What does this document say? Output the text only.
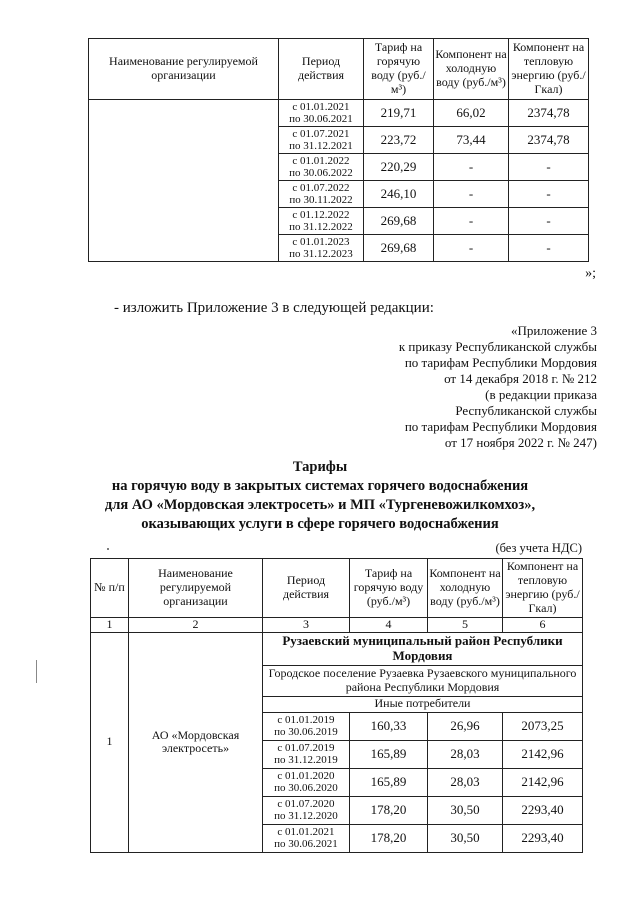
Наименование регулируемой организации	Период действия	Тариф на горячую воду (руб./м³)	Компонент на холодную воду (руб./м³)	Компонент на тепловую энергию (руб./Гкал)
	с 01.01.2021
по 30.06.2021	219,71	66,02	2374,78
	с 01.07.2021
по 31.12.2021	223,72	73,44	2374,78
	с 01.01.2022
по 30.06.2022	220,29	-	-
	с 01.07.2022
по 30.11.2022	246,10	-	-
	с 01.12.2022
по 31.12.2022	269,68	-	-
	с 01.01.2023
по 31.12.2023	269,68	-	-
»;
- изложить Приложение 3 в следующей редакции:
«Приложение 3
к приказу Республиканской службы
по тарифам Республики Мордовия
от 14 декабря 2018 г. № 212
(в редакции приказа
Республиканской службы
по тарифам Республики Мордовия
от 17 ноября 2022 г. № 247)
Тарифы
на горячую воду в закрытых системах горячего водоснабжения
для АО «Мордовская электросеть» и МП «Тургеневожилкомхоз»,
оказывающих услуги в сфере горячего водоснабжения
(без учета НДС)
№ п/п	Наименование регулируемой организации	Период действия	Тариф на горячую воду (руб./м³)	Компонент на холодную воду (руб./м³)	Компонент на тепловую энергию (руб./Гкал)
1	2	3	4	5	6
1	АО «Мордовская электросеть»	Рузаевский муниципальный район Республики Мордовия			
		Городское поселение Рузаевка Рузаевского муниципального района Республики Мордовия			
		Иные потребители			
		с 01.01.2019
по 30.06.2019	160,33	26,96	2073,25
		с 01.07.2019
по 31.12.2019	165,89	28,03	2142,96
		с 01.01.2020
по 30.06.2020	165,89	28,03	2142,96
		с 01.07.2020
по 31.12.2020	178,20	30,50	2293,40
		с 01.01.2021
по 30.06.2021	178,20	30,50	2293,40
